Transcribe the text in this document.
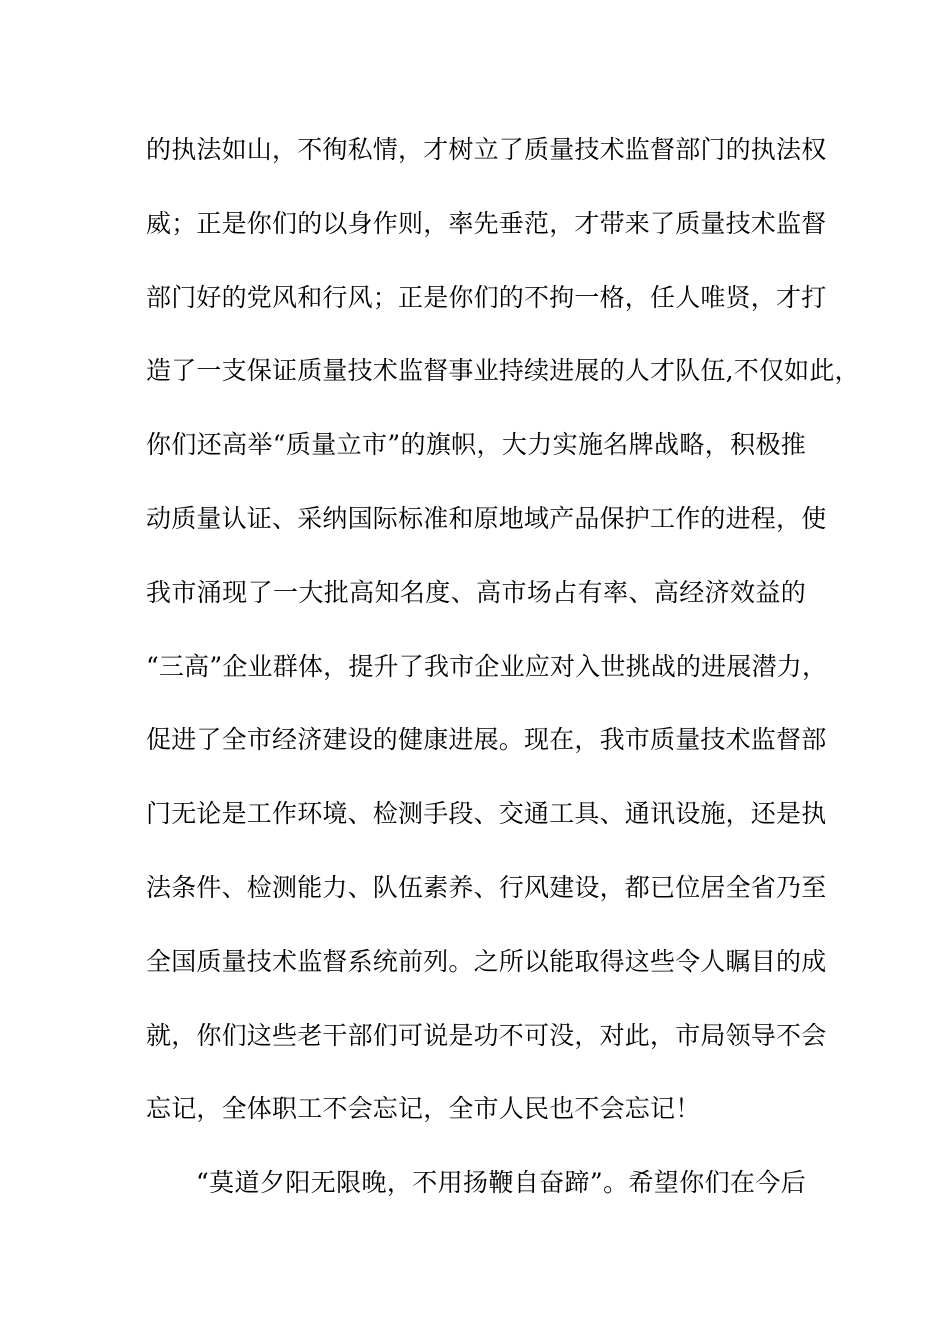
的执法如山，不徇私情，才树立了质量技术监督部门的执法权
威；正是你们的以身作则，率先垂范，才带来了质量技术监督
部门好的党风和行风；正是你们的不拘一格，任人唯贤，才打
造了一支保证质量技术监督事业持续进展的人才队伍,不仅如此，
你们还高举“质量立市”的旗帜，大力实施名牌战略，积极推
动质量认证、采纳国际标准和原地域产品保护工作的进程，使
我市涌现了一大批高知名度、高市场占有率、高经济效益的
“三高”企业群体，提升了我市企业应对入世挑战的进展潜力，
促进了全市经济建设的健康进展。现在，我市质量技术监督部
门无论是工作环境、检测手段、交通工具、通讯设施，还是执
法条件、检测能力、队伍素养、行风建设，都已位居全省乃至
全国质量技术监督系统前列。之所以能取得这些令人瞩目的成
就，你们这些老干部们可说是功不可没，对此，市局领导不会
忘记，全体职工不会忘记，全市人民也不会忘记！
“莫道夕阳无限晚，不用扬鞭自奋蹄”。希望你们在今后
